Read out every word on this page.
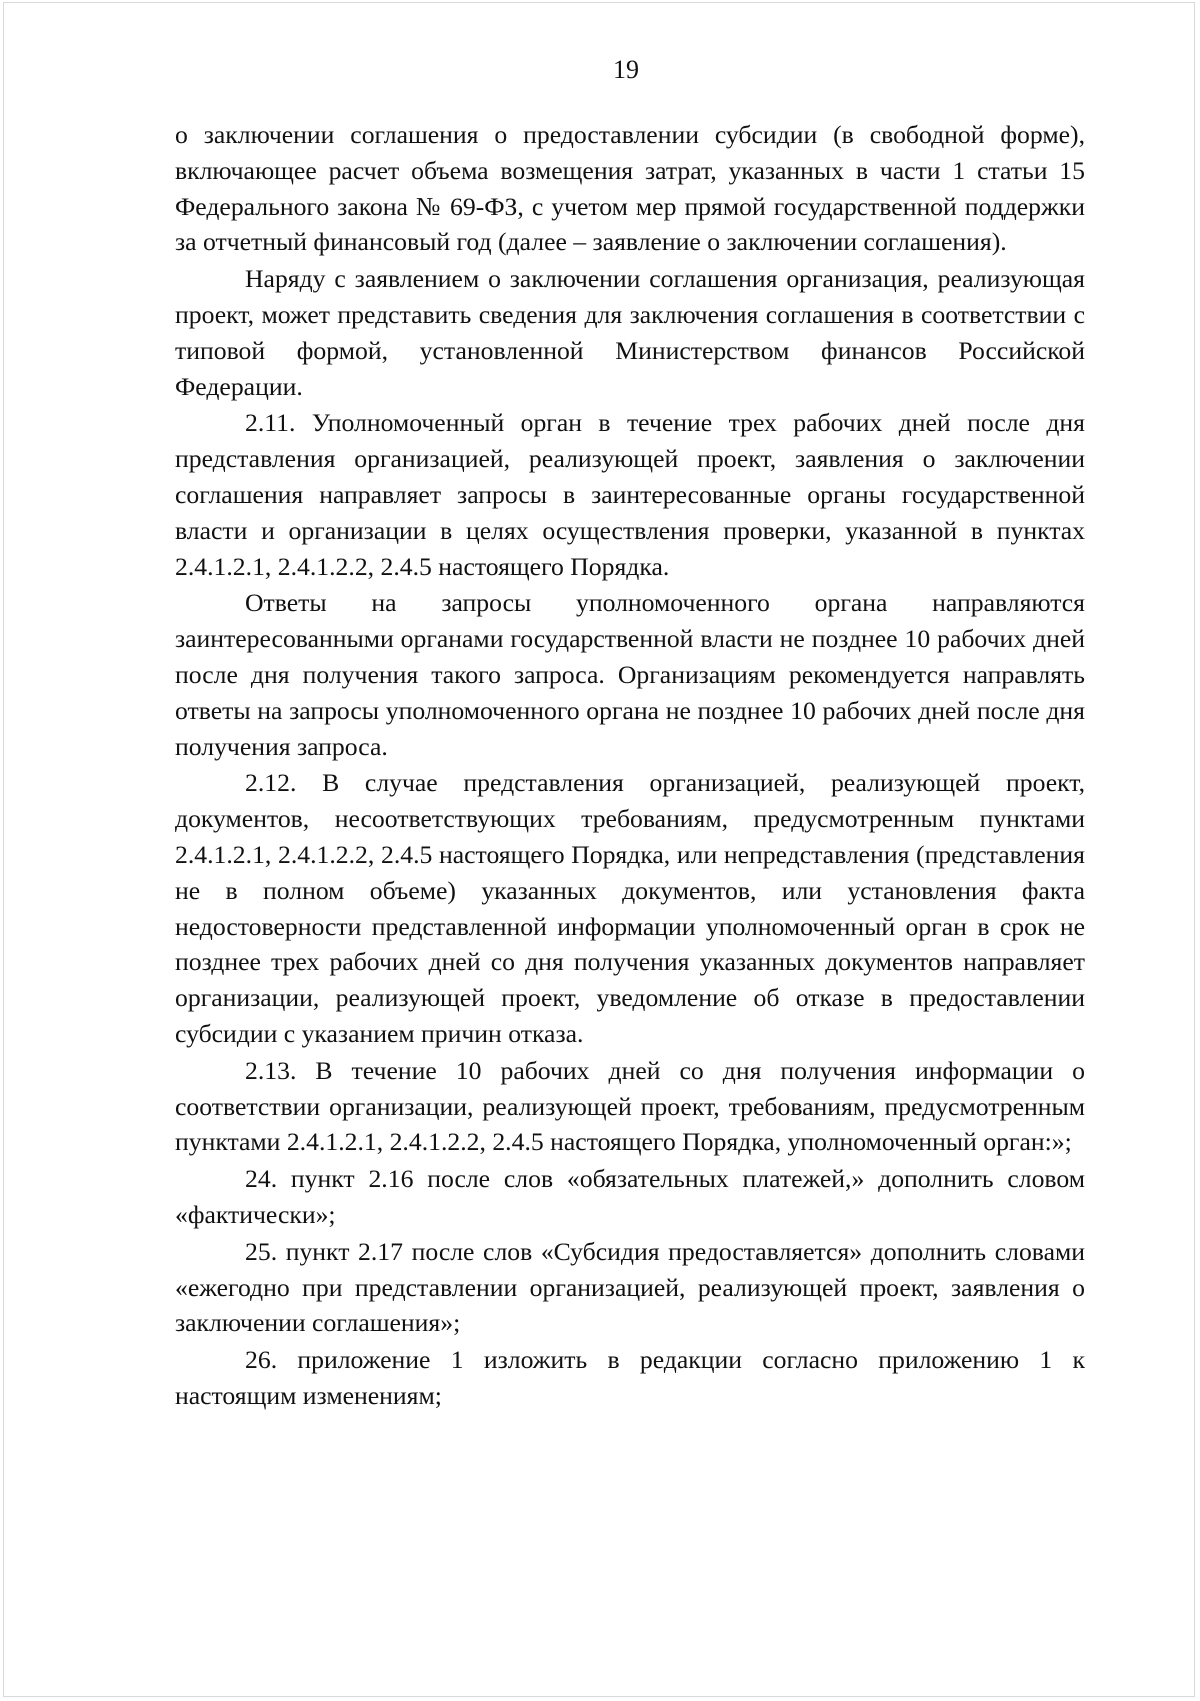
19

о заключении соглашения о предоставлении субсидии (в свободной форме), включающее расчет объема возмещения затрат, указанных в части 1 статьи 15 Федерального закона № 69-ФЗ, с учетом мер прямой государственной поддержки за отчетный финансовый год (далее – заявление о заключении соглашения).

Наряду с заявлением о заключении соглашения организация, реализующая проект, может представить сведения для заключения соглашения в соответствии с типовой формой, установленной Министерством финансов Российской Федерации.

2.11. Уполномоченный орган в течение трех рабочих дней после дня представления организацией, реализующей проект, заявления о заключении соглашения направляет запросы в заинтересованные органы государственной власти и организации в целях осуществления проверки, указанной в пунктах 2.4.1.2.1, 2.4.1.2.2, 2.4.5 настоящего Порядка.

Ответы на запросы уполномоченного органа направляются заинтересованными органами государственной власти не позднее 10 рабочих дней после дня получения такого запроса. Организациям рекомендуется направлять ответы на запросы уполномоченного органа не позднее 10 рабочих дней после дня получения запроса.

2.12. В случае представления организацией, реализующей проект, документов, несоответствующих требованиям, предусмотренным пунктами 2.4.1.2.1, 2.4.1.2.2, 2.4.5 настоящего Порядка, или непредставления (представления не в полном объеме) указанных документов, или установления факта недостоверности представленной информации уполномоченный орган в срок не позднее трех рабочих дней со дня получения указанных документов направляет организации, реализующей проект, уведомление об отказе в предоставлении субсидии с указанием причин отказа.

2.13. В течение 10 рабочих дней со дня получения информации о соответствии организации, реализующей проект, требованиям, предусмотренным пунктами 2.4.1.2.1, 2.4.1.2.2, 2.4.5 настоящего Порядка, уполномоченный орган:»;

24. пункт 2.16 после слов «обязательных платежей,» дополнить словом «фактически»;

25. пункт 2.17 после слов «Субсидия предоставляется» дополнить словами «ежегодно при представлении организацией, реализующей проект, заявления о заключении соглашения»;

26. приложение 1 изложить в редакции согласно приложению 1 к настоящим изменениям;
